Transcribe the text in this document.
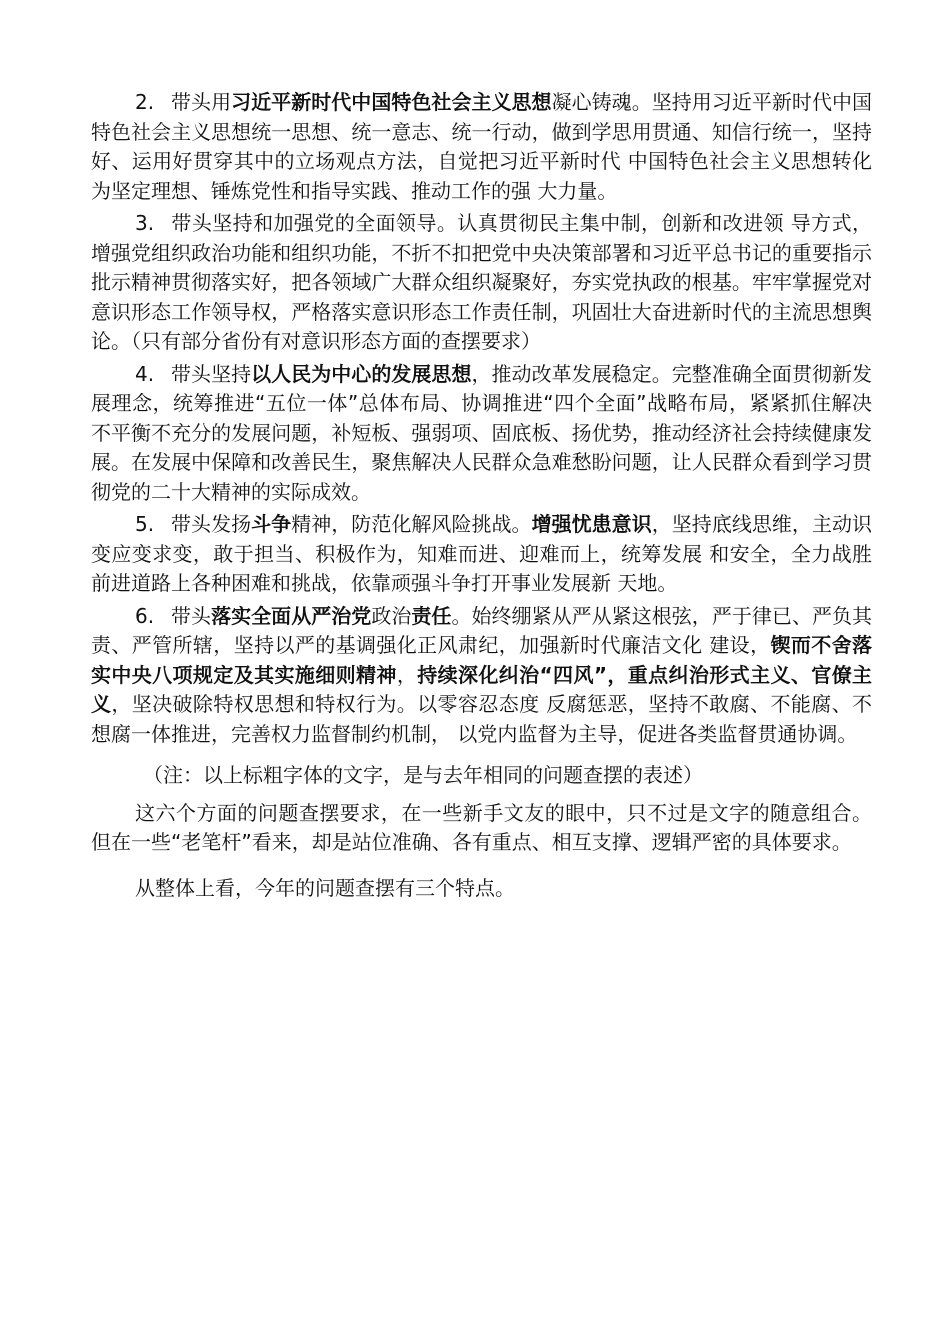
2. 带头用习近平新时代中国特色社会主义思想凝心铸魂。坚持用习近平新时代中国特色社会主义思想统一思想、统一意志、统一行动，做到学思用贯通、知信行统一，坚持好、运用好贯穿其中的立场观点方法，自觉把习近平新时代 中国特色社会主义思想转化为坚定理想、锤炼党性和指导实践、推动工作的强 大力量。

3. 带头坚持和加强党的全面领导。认真贯彻民主集中制，创新和改进领 导方式，增强党组织政治功能和组织功能，不折不扣把党中央决策部署和习近平总书记的重要指示批示精神贯彻落实好，把各领域广大群众组织凝聚好，夯实党执政的根基。牢牢掌握党对意识形态工作领导权，严格落实意识形态工作责任制，巩固壮大奋进新时代的主流思想舆论。（只有部分省份有对意识形态方面的查摆要求）

4. 带头坚持以人民为中心的发展思想，推动改革发展稳定。完整准确全面贯彻新发展理念，统筹推进“五位一体”总体布局、协调推进“四个全面”战略布局，紧紧抓住解决不平衡不充分的发展问题，补短板、强弱项、固底板、扬优势，推动经济社会持续健康发展。在发展中保障和改善民生，聚焦解决人民群众急难愁盼问题，让人民群众看到学习贯彻党的二十大精神的实际成效。

5. 带头发扬斗争精神，防范化解风险挑战。增强忧患意识，坚持底线思维，主动识变应变求变，敢于担当、积极作为，知难而进、迎难而上，统筹发展 和安全，全力战胜前进道路上各种困难和挑战，依靠顽强斗争打开事业发展新 天地。

6. 带头落实全面从严治党政治责任。始终绷紧从严从紧这根弦，严于律已、严负其责、严管所辖，坚持以严的基调强化正风肃纪，加强新时代廉洁文化 建设，锲而不舍落实中央八项规定及其实施细则精神，持续深化纠治“四风”，重点纠治形式主义、官僚主义，坚决破除特权思想和特权行为。以零容忍态度 反腐惩恶，坚持不敢腐、不能腐、不想腐一体推进，完善权力监督制约机制， 以党内监督为主导，促进各类监督贯通协调。

（注：以上标粗字体的文字，是与去年相同的问题查摆的表述）

这六个方面的问题查摆要求，在一些新手文友的眼中，只不过是文字的随意组合。但在一些“老笔杆”看来，却是站位准确、各有重点、相互支撑、逻辑严密的具体要求。

从整体上看，今年的问题查摆有三个特点。
